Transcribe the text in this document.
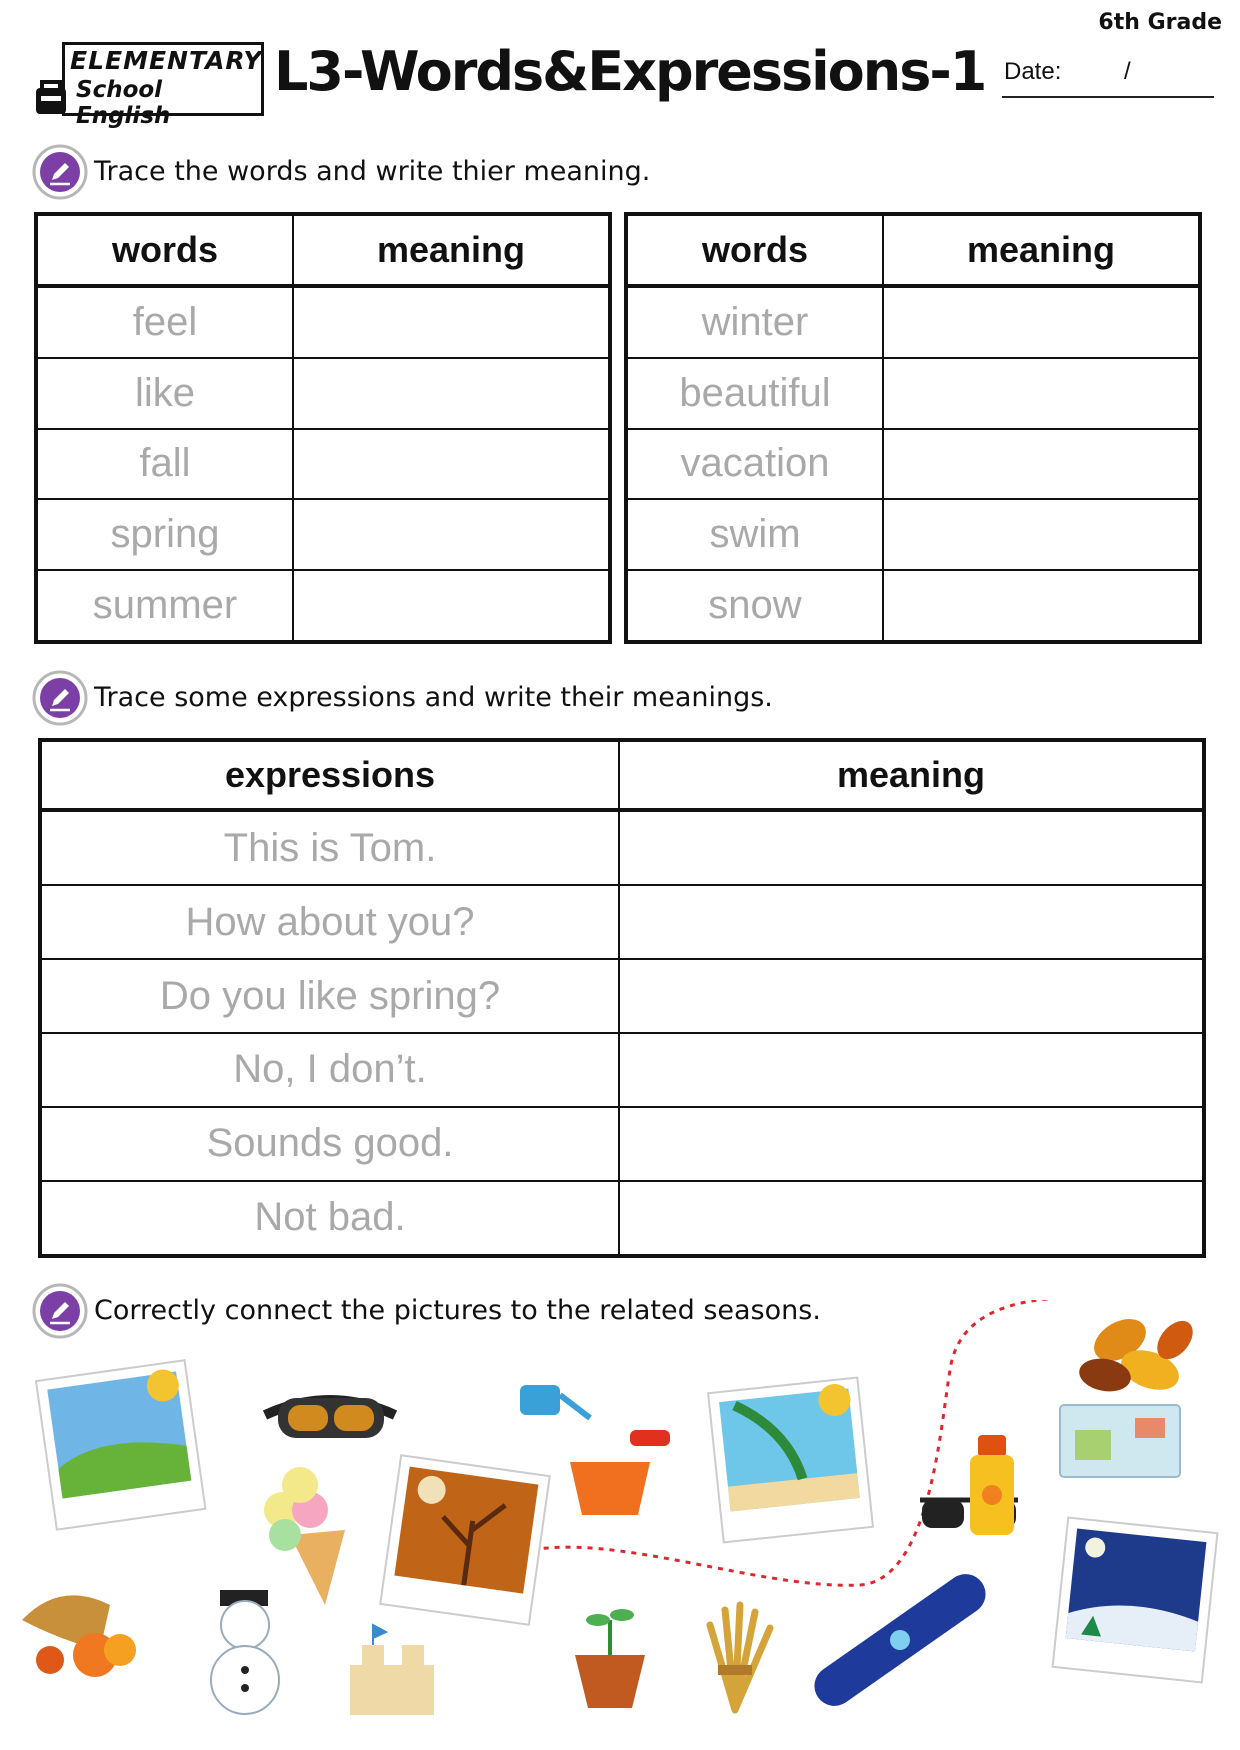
6th Grade
ELEMENTARY
School English
L3-Words&Expressions-1 Date:	/
Trace the words and write thier meaning.
words	meaning
feel	
like	
fall	
spring	
summer	
words	meaning
winter	
beautiful	
vacation	
swim	
snow	
Trace some expressions and write their meanings.
expressions	meaning
This is Tom.	
How about you?	
Do you like spring?	
No, I don’t.	
Sounds good.	
Not bad.	
Correctly connect the pictures to the related seasons.
